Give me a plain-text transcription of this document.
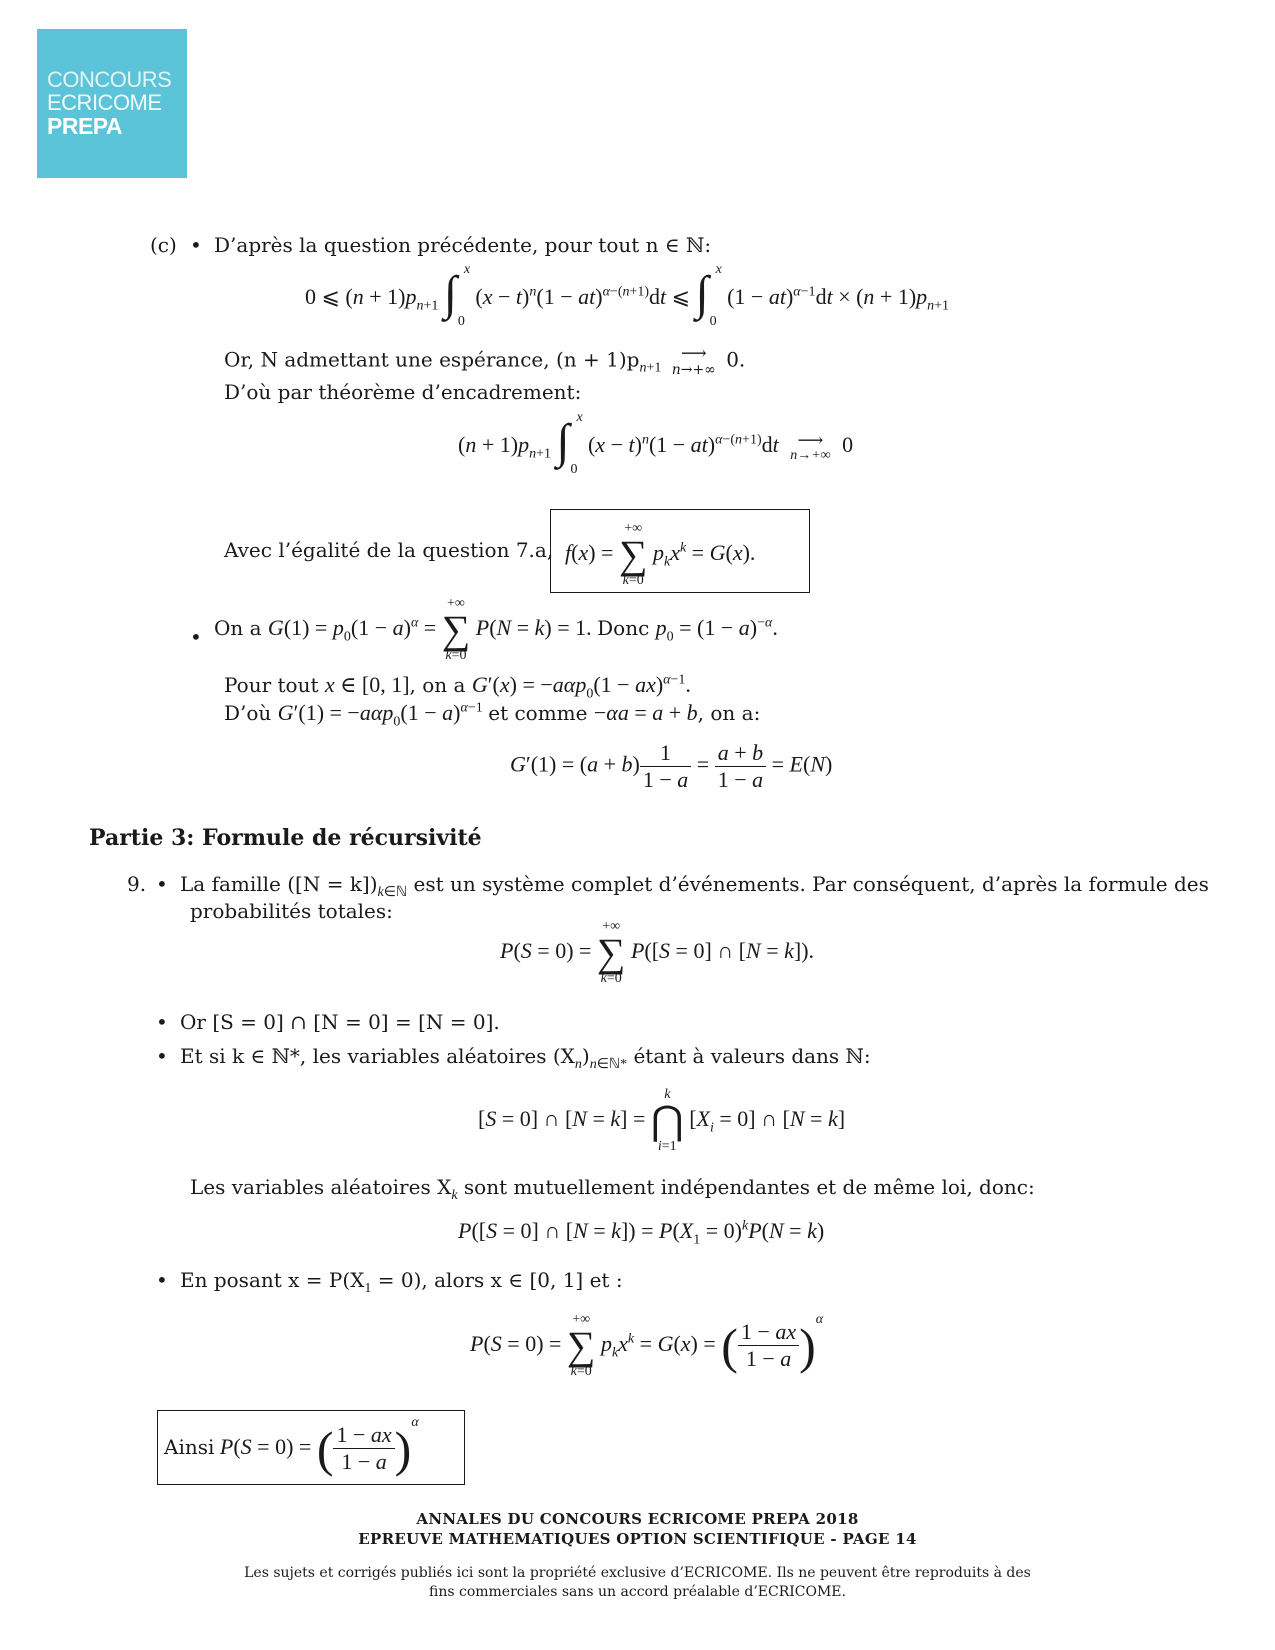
CONCOURS
ECRICOME
PREPA
(c) • D’après la question précédente, pour tout n ∈ ℕ:
0 ⩽ $(n + 1)p_{n+1}$ ∫ x
0
$(x - t)^n(1 - at)^{\alpha-(n+1)}dt$ ⩽ ∫ x
0
$(1 - at)^{\alpha-1}dt \times (n + 1)p_{n+1}$
Or, N admettant une espérance, $(n + 1)p_{n+1}$
⟶
n→+∞ 0.
D’où par théorème d’encadrement:
$(n + 1)p_{n+1}$ ∫ x
0
$(x - t)^n(1 - at)^{\alpha-(n+1)}dt$	⟶
n→+∞ 0
Avec l’égalité de la question 7.a, f(x) =
+∞
∑
k=0
$p_kx^k = G(x)$.
• On a $G(1) = p_0(1 - a)^\alpha$ =
+∞
∑
k=0
P(N = k) = 1. Donc $p_0 = (1 - a)^{-\alpha}$.
Pour tout x ∈ [0, 1], on a G′(x) = −aαp$_0$(1 − ax)$^{\alpha-1}$.
D’où $G'(1) = -a\alpha p_0(1 - a)^{\alpha-1}$ et comme −αa = a + b, on a:
$G'(1) = (a + b) \frac{1}{1 - a} = \frac{a + b}{1 - a} = E(N)$
Partie 3: Formule de récursivité
9. • La famille $([N = k])_{k\in ℕ}$ est un système complet d’événements. Par conséquent, d’après la formule des
probabilités totales:
P(S = 0) =
+∞
∑
k=0
P([S = 0] ∩ [N = k]).
• Or [S = 0] ∩ [N = 0] = [N = 0].
• Et si k ∈ ℕ*, les variables aléatoires $(X_n)_{n\in ℕ*}$ étant à valeurs dans ℕ:
[S = 0] ∩ [N = k] =
k
⋂
i=1
$[X_i = 0]$ ∩ [N = k]
Les variables aléatoires $X_k$ sont mutuellement indépendantes et de même loi, donc:
P([S = 0] ∩ $[N = k]) = P(X_1 = 0)^kP(N = k)$
• En posant $x = P(X_1 = 0)$, alors x ∈ [0, 1] et :
P(S = 0) =
+∞
∑
k=0
$p_kx^k = G(x)$ = ( $\frac{1 - ax}{1 - a} )^\alpha$
Ainsi P(S = 0) = ( $\frac{1 - ax}{1 - a} )^\alpha$
ANNALES DU CONCOURS ECRICOME PREPA 2018
EPREUVE MATHEMATIQUES OPTION SCIENTIFIQUE - PAGE 14
Les sujets et corrigés publiés ici sont la propriété exclusive d’ECRICOME. Ils ne peuvent être reproduits à des
fins commerciales sans un accord préalable d’ECRICOME.
